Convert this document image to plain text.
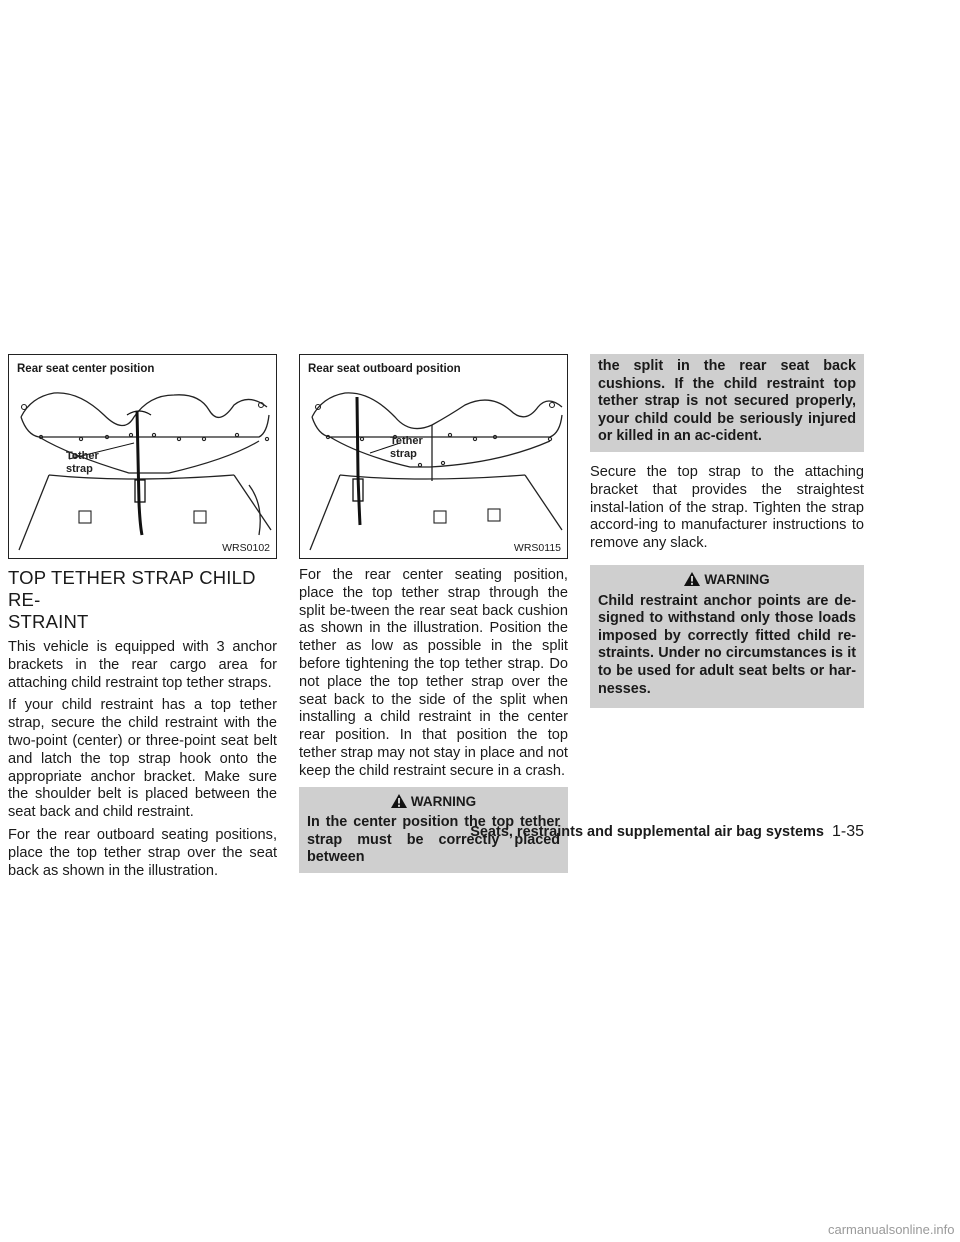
Rear seat center position
Tether
strap
WRS0102
Rear seat outboard position
Tether
strap
WRS0115
TOP TETHER STRAP CHILD RE-
STRAINT

This vehicle is equipped with 3 anchor brackets in the rear cargo area for attaching child restraint top tether straps.

If your child restraint has a top tether strap, secure the child restraint with the two-point (center) or three-point seat belt and latch the top strap hook onto the appropriate anchor bracket. Make sure the shoulder belt is placed between the seat back and child restraint.

For the rear outboard seating positions, place the top tether strap over the seat back as shown in the illustration.

For the rear center seating position, place the top tether strap through the split be-tween the rear seat back cushion as shown in the illustration. Position the tether as low as possible in the split before tightening the top tether strap. Do not place the top tether strap over the seat back to the side of the split when installing a child restraint in the center rear position. In that position the top tether strap may not stay in place and not keep the child restraint secure in a crash.

WARNING
In the center position the top tether strap must be correctly placed between
the split in the rear seat back cushions. If the child restraint top tether strap is not secured properly, your child could be seriously injured or killed in an ac-cident.

Secure the top strap to the attaching bracket that provides the straightest instal-lation of the strap. Tighten the strap accord-ing to manufacturer instructions to remove any slack.

WARNING
Child restraint anchor points are de-signed to withstand only those loads imposed by correctly fitted child re-straints. Under no circumstances is it to be used for adult seat belts or har-nesses.
Seats, restraints and supplemental air bag systems 1-35
carmanualsonline.info
